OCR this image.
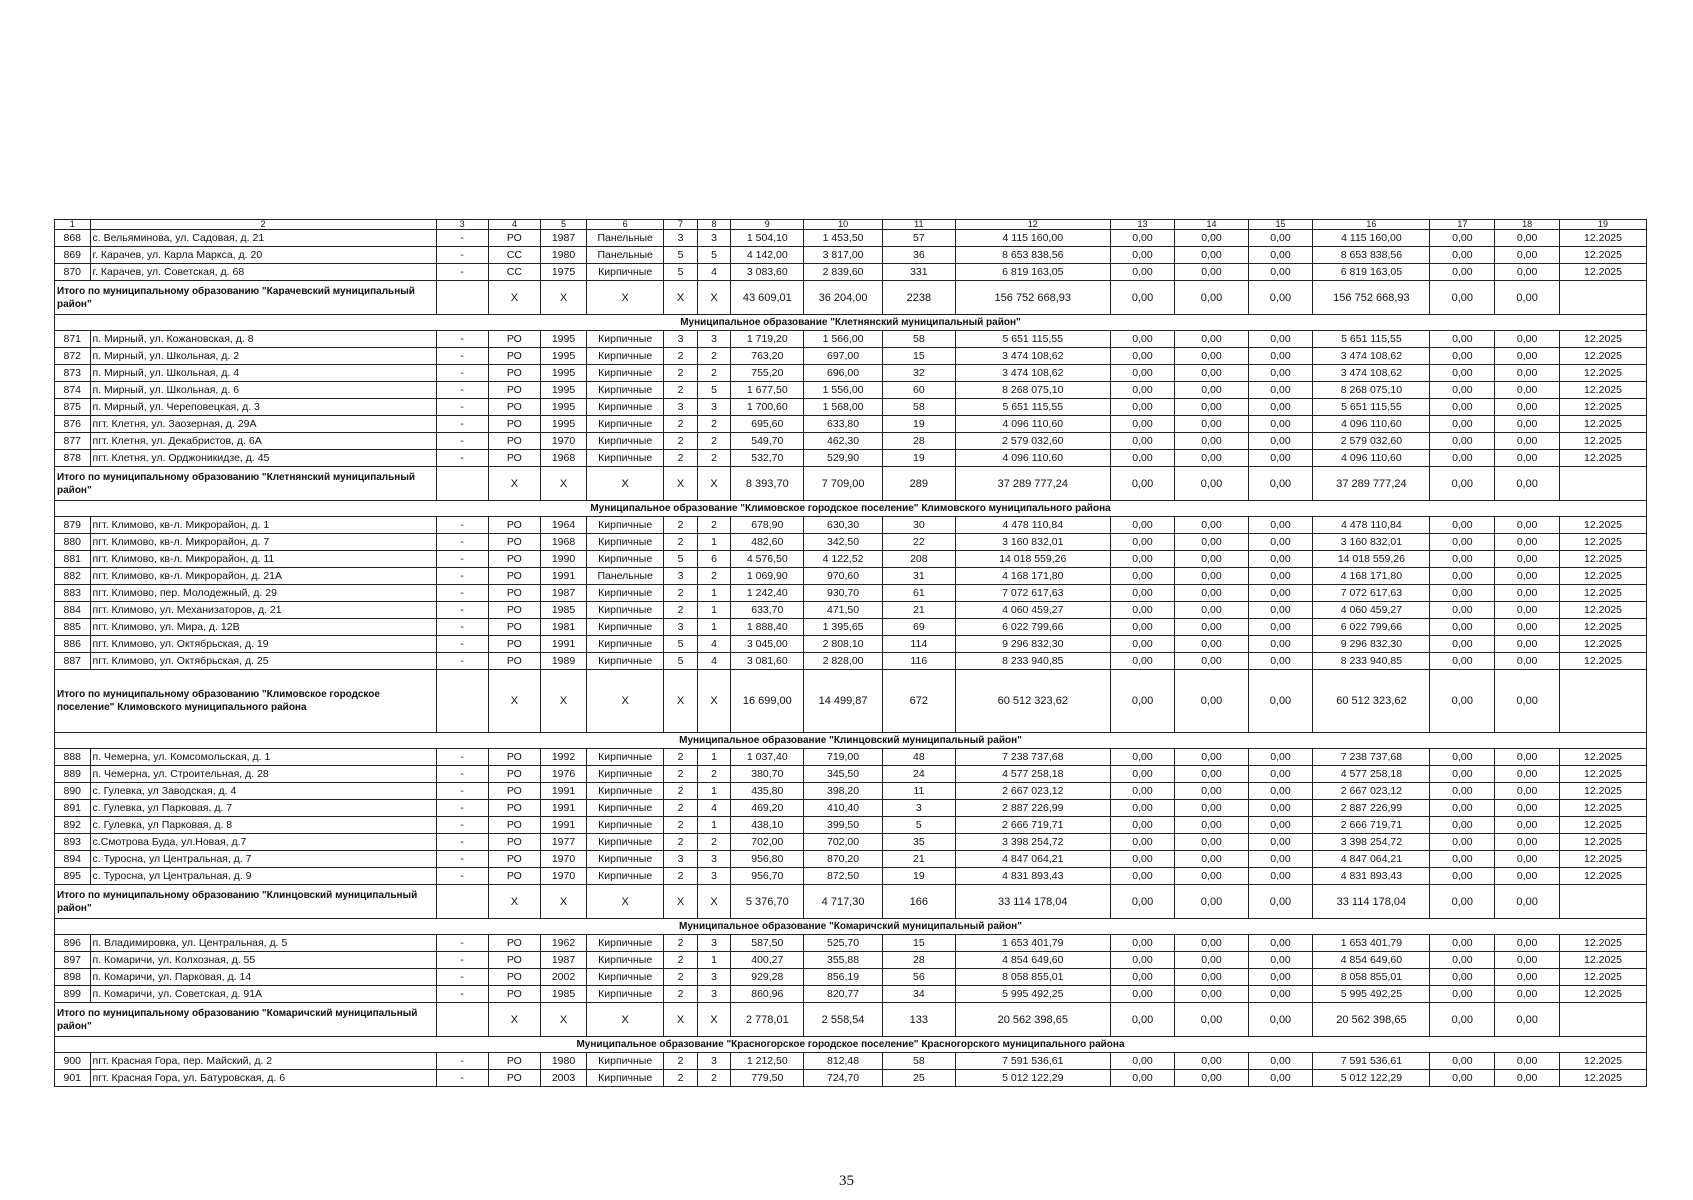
1	2	3	4	5	6	7	8	9	10	11	12	13	14	15	16	17	18	19
868	с. Вельяминова, ул. Садовая, д. 21	-	РО	1987	Панельные	3	3	1 504,10	1 453,50	57	4 115 160,00	0,00	0,00	0,00	4 115 160,00	0,00	0,00	12.2025
869	г. Карачев, ул. Карла Маркса, д. 20	-	СС	1980	Панельные	5	5	4 142,00	3 817,00	36	8 653 838,56	0,00	0,00	0,00	8 653 838,56	0,00	0,00	12.2025
870	г. Карачев, ул. Советская, д. 68	-	СС	1975	Кирпичные	5	4	3 083,60	2 839,60	331	6 819 163,05	0,00	0,00	0,00	6 819 163,05	0,00	0,00	12.2025
Итого по муниципальному образованию "Карачевский муниципальный район"			X	X	X	X	X	43 609,01	36 204,00	2238	156 752 668,93	0,00	0,00	0,00	156 752 668,93	0,00	0,00	
Муниципальное образование "Клетнянский муниципальный район"																		
871	п. Мирный, ул. Кожановская, д. 8	-	РО	1995	Кирпичные	3	3	1 719,20	1 566,00	58	5 651 115,55	0,00	0,00	0,00	5 651 115,55	0,00	0,00	12.2025
872	п. Мирный, ул. Школьная, д. 2	-	РО	1995	Кирпичные	2	2	763,20	697,00	15	3 474 108,62	0,00	0,00	0,00	3 474 108,62	0,00	0,00	12.2025
873	п. Мирный, ул. Школьная, д. 4	-	РО	1995	Кирпичные	2	2	755,20	696,00	32	3 474 108,62	0,00	0,00	0,00	3 474 108,62	0,00	0,00	12.2025
874	п. Мирный, ул. Школьная, д. 6	-	РО	1995	Кирпичные	2	5	1 677,50	1 556,00	60	8 268 075,10	0,00	0,00	0,00	8 268 075,10	0,00	0,00	12.2025
875	п. Мирный, ул. Череповецкая, д. 3	-	РО	1995	Кирпичные	3	3	1 700,60	1 568,00	58	5 651 115,55	0,00	0,00	0,00	5 651 115,55	0,00	0,00	12.2025
876	пгт. Клетня, ул. Заозерная, д. 29А	-	РО	1995	Кирпичные	2	2	695,60	633,80	19	4 096 110,60	0,00	0,00	0,00	4 096 110,60	0,00	0,00	12.2025
877	пгт. Клетня, ул. Декабристов, д. 6А	-	РО	1970	Кирпичные	2	2	549,70	462,30	28	2 579 032,60	0,00	0,00	0,00	2 579 032,60	0,00	0,00	12.2025
878	пгт. Клетня, ул. Орджоникидзе, д. 45	-	РО	1968	Кирпичные	2	2	532,70	529,90	19	4 096 110,60	0,00	0,00	0,00	4 096 110,60	0,00	0,00	12.2025
Итого по муниципальному образованию "Клетнянский муниципальный район"			X	X	X	X	X	8 393,70	7 709,00	289	37 289 777,24	0,00	0,00	0,00	37 289 777,24	0,00	0,00	
Муниципальное образование "Климовское городское поселение" Климовского муниципального района																		
879	пгт. Климово, кв-л. Микрорайон, д. 1	-	РО	1964	Кирпичные	2	2	678,90	630,30	30	4 478 110,84	0,00	0,00	0,00	4 478 110,84	0,00	0,00	12.2025
880	пгт. Климово, кв-л. Микрорайон, д. 7	-	РО	1968	Кирпичные	2	1	482,60	342,50	22	3 160 832,01	0,00	0,00	0,00	3 160 832,01	0,00	0,00	12.2025
881	пгт. Климово, кв-л. Микрорайон, д. 11	-	РО	1990	Кирпичные	5	6	4 576,50	4 122,52	208	14 018 559,26	0,00	0,00	0,00	14 018 559,26	0,00	0,00	12.2025
882	пгт. Климово, кв-л. Микрорайон, д. 21А	-	РО	1991	Панельные	3	2	1 069,90	970,60	31	4 168 171,80	0,00	0,00	0,00	4 168 171,80	0,00	0,00	12.2025
883	пгт. Климово, пер. Молодежный, д. 29	-	РО	1987	Кирпичные	2	1	1 242,40	930,70	61	7 072 617,63	0,00	0,00	0,00	7 072 617,63	0,00	0,00	12.2025
884	пгт. Климово, ул. Механизаторов, д. 21	-	РО	1985	Кирпичные	2	1	633,70	471,50	21	4 060 459,27	0,00	0,00	0,00	4 060 459,27	0,00	0,00	12.2025
885	пгт. Климово, ул. Мира, д. 12В	-	РО	1981	Кирпичные	3	1	1 888,40	1 395,65	69	6 022 799,66	0,00	0,00	0,00	6 022 799,66	0,00	0,00	12.2025
886	пгт. Климово, ул. Октябрьская, д. 19	-	РО	1991	Кирпичные	5	4	3 045,00	2 808,10	114	9 296 832,30	0,00	0,00	0,00	9 296 832,30	0,00	0,00	12.2025
887	пгт. Климово, ул. Октябрьская, д. 25	-	РО	1989	Кирпичные	5	4	3 081,60	2 828,00	116	8 233 940,85	0,00	0,00	0,00	8 233 940,85	0,00	0,00	12.2025
Итого по муниципальному образованию "Климовское городское поселение" Климовского муниципального района			X	X	X	X	X	16 699,00	14 499,87	672	60 512 323,62	0,00	0,00	0,00	60 512 323,62	0,00	0,00	
Муниципальное образование "Клинцовский муниципальный район"																		
888	п. Чемерна, ул. Комсомольская, д. 1	-	РО	1992	Кирпичные	2	1	1 037,40	719,00	48	7 238 737,68	0,00	0,00	0,00	7 238 737,68	0,00	0,00	12.2025
889	п. Чемерна, ул. Строительная, д. 28	-	РО	1976	Кирпичные	2	2	380,70	345,50	24	4 577 258,18	0,00	0,00	0,00	4 577 258,18	0,00	0,00	12.2025
890	с. Гулевка, ул Заводская, д. 4	-	РО	1991	Кирпичные	2	1	435,80	398,20	11	2 667 023,12	0,00	0,00	0,00	2 667 023,12	0,00	0,00	12.2025
891	с. Гулевка, ул Парковая, д. 7	-	РО	1991	Кирпичные	2	4	469,20	410,40	3	2 887 226,99	0,00	0,00	0,00	2 887 226,99	0,00	0,00	12.2025
892	с. Гулевка, ул Парковая, д. 8	-	РО	1991	Кирпичные	2	1	438,10	399,50	5	2 666 719,71	0,00	0,00	0,00	2 666 719,71	0,00	0,00	12.2025
893	с.Смотрова Буда, ул.Новая, д.7	-	РО	1977	Кирпичные	2	2	702,00	702,00	35	3 398 254,72	0,00	0,00	0,00	3 398 254,72	0,00	0,00	12.2025
894	с. Туросна, ул Центральная, д. 7	-	РО	1970	Кирпичные	3	3	956,80	870,20	21	4 847 064,21	0,00	0,00	0,00	4 847 064,21	0,00	0,00	12.2025
895	с. Туросна, ул Центральная, д. 9	-	РО	1970	Кирпичные	2	3	956,70	872,50	19	4 831 893,43	0,00	0,00	0,00	4 831 893,43	0,00	0,00	12.2025
Итого по муниципальному образованию "Клинцовский муниципальный район"			X	X	X	X	X	5 376,70	4 717,30	166	33 114 178,04	0,00	0,00	0,00	33 114 178,04	0,00	0,00	
Муниципальное образование "Комаричский муниципальный район"																		
896	п. Владимировка, ул. Центральная, д. 5	-	РО	1962	Кирпичные	2	3	587,50	525,70	15	1 653 401,79	0,00	0,00	0,00	1 653 401,79	0,00	0,00	12.2025
897	п. Комаричи, ул. Колхозная, д. 55	-	РО	1987	Кирпичные	2	1	400,27	355,88	28	4 854 649,60	0,00	0,00	0,00	4 854 649,60	0,00	0,00	12.2025
898	п. Комаричи, ул. Парковая, д. 14	-	РО	2002	Кирпичные	2	3	929,28	856,19	56	8 058 855,01	0,00	0,00	0,00	8 058 855,01	0,00	0,00	12.2025
899	п. Комаричи, ул. Советская, д. 91А	-	РО	1985	Кирпичные	2	3	860,96	820,77	34	5 995 492,25	0,00	0,00	0,00	5 995 492,25	0,00	0,00	12.2025
Итого по муниципальному образованию "Комаричский муниципальный район"			X	X	X	X	X	2 778,01	2 558,54	133	20 562 398,65	0,00	0,00	0,00	20 562 398,65	0,00	0,00	
Муниципальное образование "Красногорское городское поселение" Красногорского муниципального района																		
900	пгт. Красная Гора, пер. Майский, д. 2	-	РО	1980	Кирпичные	2	3	1 212,50	812,48	58	7 591 536,61	0,00	0,00	0,00	7 591 536,61	0,00	0,00	12.2025
901	пгт. Красная Гора, ул. Батуровская, д. 6	-	РО	2003	Кирпичные	2	2	779,50	724,70	25	5 012 122,29	0,00	0,00	0,00	5 012 122,29	0,00	0,00	12.2025
35
